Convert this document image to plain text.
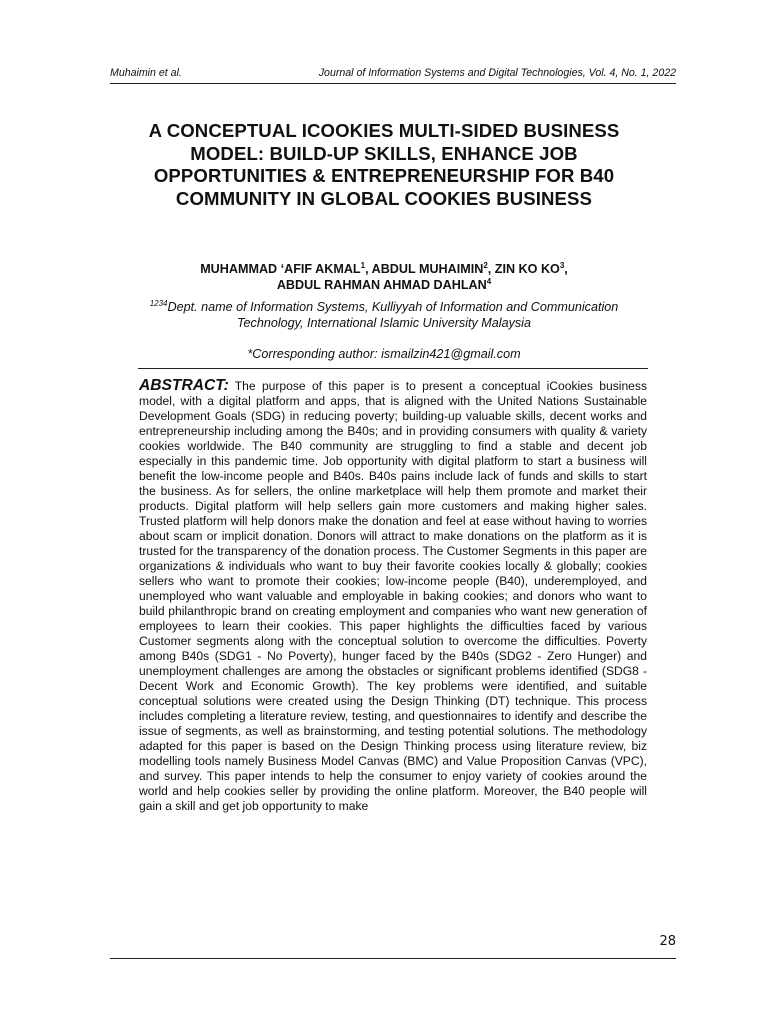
Muhaimin et al.	Journal of Information Systems and Digital Technologies, Vol. 4, No. 1, 2022
A CONCEPTUAL ICOOKIES MULTI-SIDED BUSINESS MODEL: BUILD-UP SKILLS, ENHANCE JOB OPPORTUNITIES & ENTREPRENEURSHIP FOR B40 COMMUNITY IN GLOBAL COOKIES BUSINESS
MUHAMMAD ‘AFIF AKMAL$^1$, ABDUL MUHAIMIN$^2$, ZIN KO $KO^3$,
ABDUL RAHMAN AHMAD DAHLAN$^4$
$^{1234}$Dept. name of Information Systems, Kulliyyah of Information and Communication Technology, International Islamic University Malaysia
*Corresponding author: ismailzin421@gmail.com

ABSTRACT: The purpose of this paper is to present a conceptual iCookies business model, with a digital platform and apps, that is aligned with the United Nations Sustainable Development Goals (SDG) in reducing poverty; building-up valuable skills, decent works and entrepreneurship including among the B40s; and in providing consumers with quality & variety cookies worldwide. The B40 community are struggling to find a stable and decent job especially in this pandemic time. Job opportunity with digital platform to start a business will benefit the low-income people and B40s. B40s pains include lack of funds and skills to start the business. As for sellers, the online marketplace will help them promote and market their products. Digital platform will help sellers gain more customers and making higher sales. Trusted platform will help donors make the donation and feel at ease without having to worries about scam or implicit donation. Donors will attract to make donations on the platform as it is trusted for the transparency of the donation process. The Customer Segments in this paper are organizations & individuals who want to buy their favorite cookies locally & globally; cookies sellers who want to promote their cookies; low-income people (B40), underemployed, and unemployed who want valuable and employable in baking cookies; and donors who want to build philanthropic brand on creating employment and companies who want new generation of employees to learn their cookies. This paper highlights the difficulties faced by various Customer segments along with the conceptual solution to overcome the difficulties. Poverty among B40s (SDG1 - No Poverty), hunger faced by the B40s (SDG2 - Zero Hunger) and unemployment challenges are among the obstacles or significant problems identified (SDG8 - Decent Work and Economic Growth). The key problems were identified, and suitable conceptual solutions were created using the Design Thinking (DT) technique. This process includes completing a literature review, testing, and questionnaires to identify and describe the issue of segments, as well as brainstorming, and testing potential solutions. The methodology adapted for this paper is based on the Design Thinking process using literature review, biz modelling tools namely Business Model Canvas (BMC) and Value Proposition Canvas (VPC), and survey. This paper intends to help the consumer to enjoy variety of cookies around the world and help cookies seller by providing the online platform. Moreover, the B40 people will gain a skill and get job opportunity to make

28
